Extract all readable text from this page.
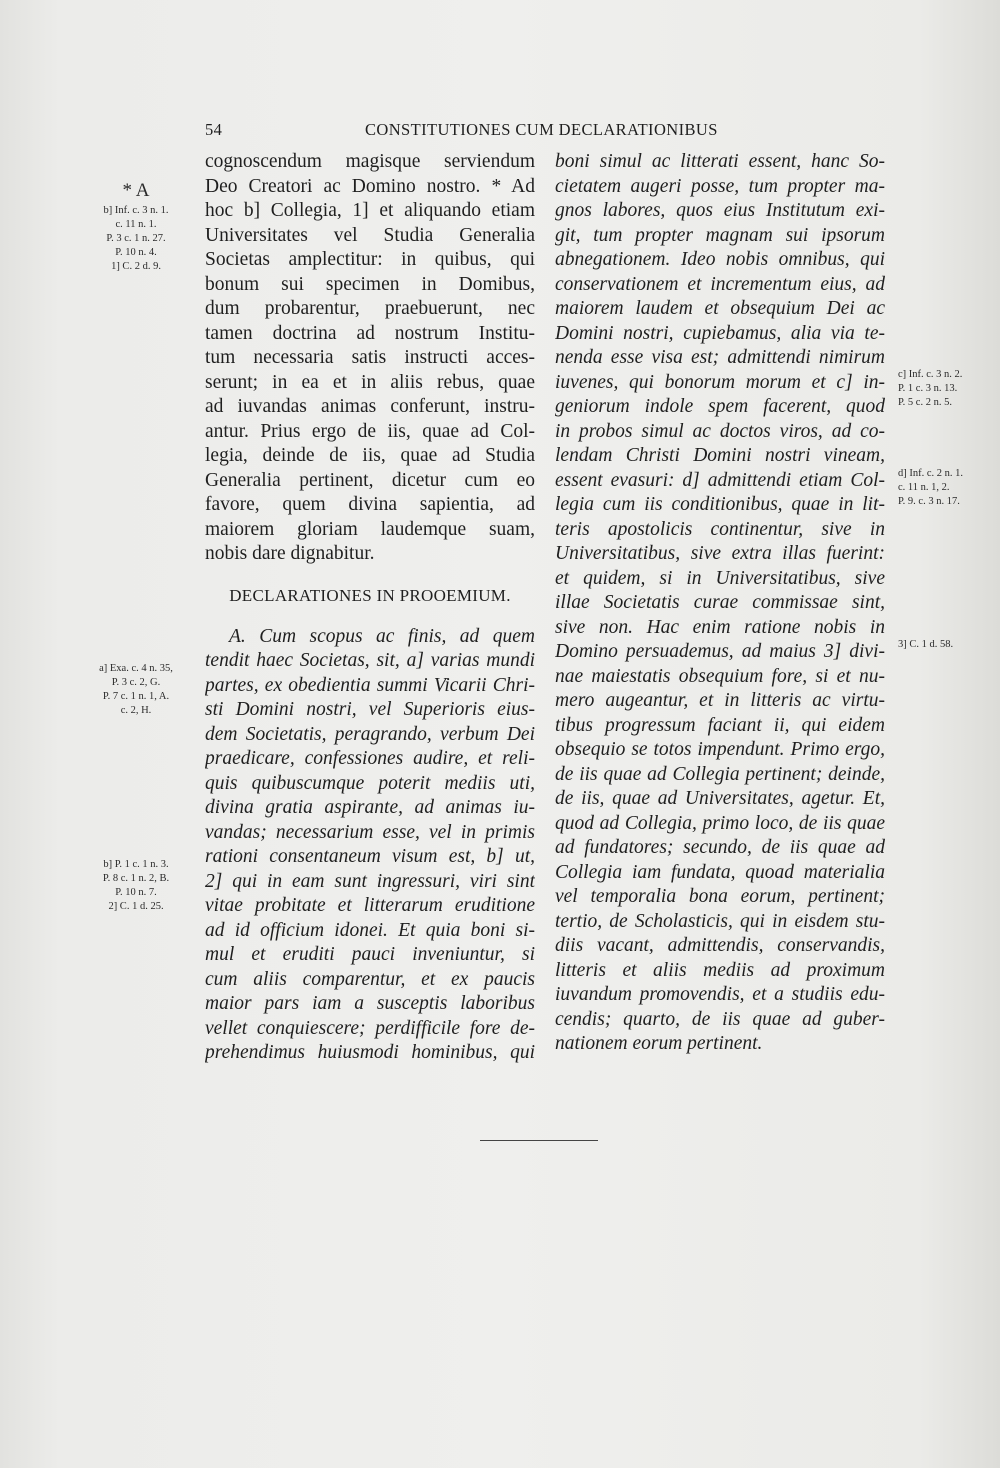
54	CONSTITUTIONES CUM DECLARATIONIBUS
cognoscendum magisque serviendum
Deo Creatori ac Domino nostro. * Ad
hoc b] Collegia, 1] et aliquando etiam
Universitates vel Studia Generalia
Societas amplectitur: in quibus, qui
bonum sui specimen in Domibus,
dum probarentur, praebuerunt, nec
tamen doctrina ad nostrum Institu-
tum necessaria satis instructi acces-
serunt; in ea et in aliis rebus, quae
ad iuvandas animas conferunt, instru-
antur. Prius ergo de iis, quae ad Col-
legia, deinde de iis, quae ad Studia
Generalia pertinent, dicetur cum eo
favore, quem divina sapientia, ad
maiorem gloriam laudemque suam,
nobis dare dignabitur.
DECLARATIONES IN PROOEMIUM.
A. Cum scopus ac finis, ad quem
tendit haec Societas, sit, a] varias mundi
partes, ex obedientia summi Vicarii Chri-
sti Domini nostri, vel Superioris eius-
dem Societatis, peragrando, verbum Dei
praedicare, confessiones audire, et reli-
quis quibuscumque poterit mediis uti,
divina gratia aspirante, ad animas iu-
vandas; necessarium esse, vel in primis
rationi consentaneum visum est, b] ut,
2] qui in eam sunt ingressuri, viri sint
vitae probitate et litterarum eruditione
ad id officium idonei. Et quia boni si-
mul et eruditi pauci inveniuntur, si
cum aliis comparentur, et ex paucis
maior pars iam a susceptis laboribus
vellet conquiescere; perdifficile fore de-
prehendimus huiusmodi hominibus, qui
boni simul ac litterati essent, hanc So-
cietatem augeri posse, tum propter ma-
gnos labores, quos eius Institutum exi-
git, tum propter magnam sui ipsorum
abnegationem. Ideo nobis omnibus, qui
conservationem et incrementum eius, ad
maiorem laudem et obsequium Dei ac
Domini nostri, cupiebamus, alia via te-
nenda esse visa est; admittendi nimirum
iuvenes, qui bonorum morum et c] in-
geniorum indole spem facerent, quod
in probos simul ac doctos viros, ad co-
lendam Christi Domini nostri vineam,
essent evasuri: d] admittendi etiam Col-
legia cum iis conditionibus, quae in lit-
teris apostolicis continentur, sive in
Universitatibus, sive extra illas fuerint:
et quidem, si in Universitatibus, sive
illae Societatis curae commissae sint,
sive non. Hac enim ratione nobis in
Domino persuademus, ad maius 3] divi-
nae maiestatis obsequium fore, si et nu-
mero augeantur, et in litteris ac virtu-
tibus progressum faciant ii, qui eidem
obsequio se totos impendunt. Primo ergo,
de iis quae ad Collegia pertinent; deinde,
de iis, quae ad Universitates, agetur. Et,
quod ad Collegia, primo loco, de iis quae
ad fundatores; secundo, de iis quae ad
Collegia iam fundata, quoad materialia
vel temporalia bona eorum, pertinent;
tertio, de Scholasticis, qui in eisdem stu-
diis vacant, admittendis, conservandis,
litteris et aliis mediis ad proximum
iuvandum promovendis, et a studiis edu-
cendis; quarto, de iis quae ad guber-
nationem eorum pertinent.
* A
b] Inf. c. 3 n. 1.
c. 11 n. 1.
P. 3 c. 1 n. 27.
P. 10 n. 4.
1] C. 2 d. 9.
a] Exa. c. 4 n. 35,
P. 3 c. 2, G.
P. 7 c. 1 n. 1, A.
c. 2, H.
b] P. 1 c. 1 n. 3.
P. 8 c. 1 n. 2, B.
P. 10 n. 7.
2] C. 1 d. 25.
c] Inf. c. 3 n. 2.
P. 1 c. 3 n. 13.
P. 5 c. 2 n. 5.
d] Inf. c. 2 n. 1.
c. 11 n. 1, 2.
P. 9. c. 3 n. 17.
3] C. 1 d. 58.
